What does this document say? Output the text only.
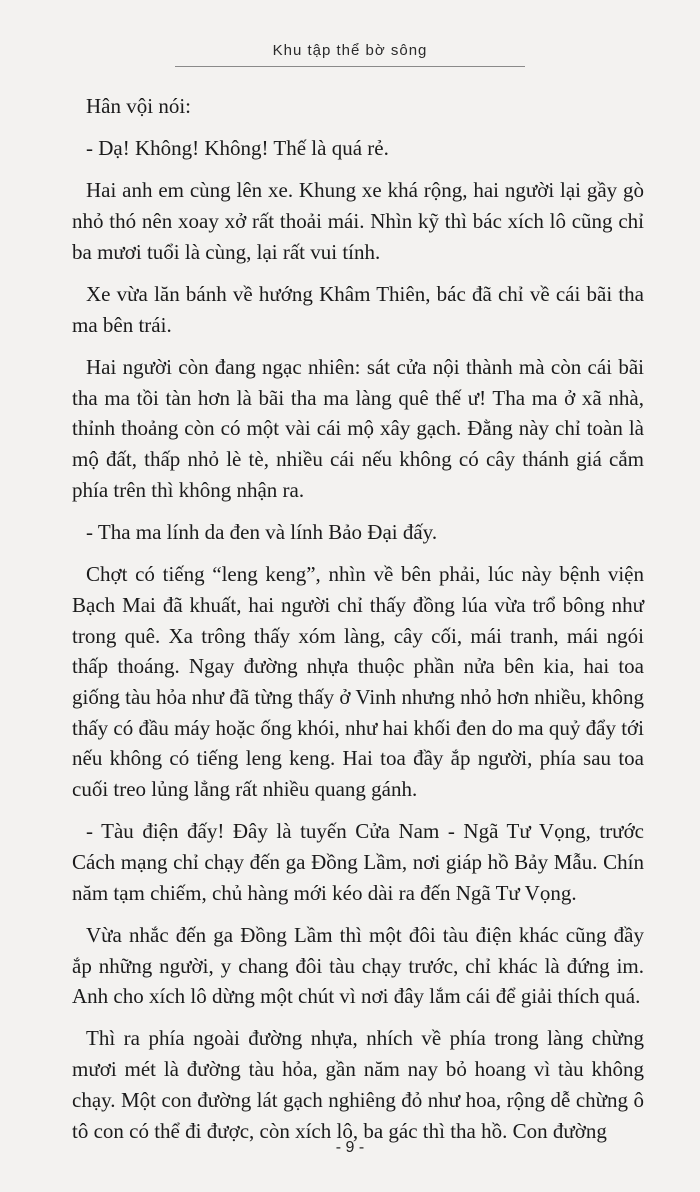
Khu tập thể bờ sông

Hân vội nói:

- Dạ! Không! Không! Thế là quá rẻ.

Hai anh em cùng lên xe. Khung xe khá rộng, hai người lại gầy gò nhỏ thó nên xoay xở rất thoải mái. Nhìn kỹ thì bác xích lô cũng chỉ ba mươi tuổi là cùng, lại rất vui tính.

Xe vừa lăn bánh về hướng Khâm Thiên, bác đã chỉ về cái bãi tha ma bên trái.

Hai người còn đang ngạc nhiên: sát cửa nội thành mà còn cái bãi tha ma tồi tàn hơn là bãi tha ma làng quê thế ư! Tha ma ở xã nhà, thỉnh thoảng còn có một vài cái mộ xây gạch. Đằng này chỉ toàn là mộ đất, thấp nhỏ lè tè, nhiều cái nếu không có cây thánh giá cắm phía trên thì không nhận ra.

- Tha ma lính da đen và lính Bảo Đại đấy.

Chợt có tiếng “leng keng”, nhìn về bên phải, lúc này bệnh viện Bạch Mai đã khuất, hai người chỉ thấy đồng lúa vừa trổ bông như trong quê. Xa trông thấy xóm làng, cây cối, mái tranh, mái ngói thấp thoáng. Ngay đường nhựa thuộc phần nửa bên kia, hai toa giống tàu hỏa như đã từng thấy ở Vinh nhưng nhỏ hơn nhiều, không thấy có đầu máy hoặc ống khói, như hai khối đen do ma quỷ đẩy tới nếu không có tiếng leng keng. Hai toa đầy ắp người, phía sau toa cuối treo lủng lẳng rất nhiều quang gánh.

- Tàu điện đấy! Đây là tuyến Cửa Nam - Ngã Tư Vọng, trước Cách mạng chỉ chạy đến ga Đồng Lầm, nơi giáp hồ Bảy Mẫu. Chín năm tạm chiếm, chủ hàng mới kéo dài ra đến Ngã Tư Vọng.

Vừa nhắc đến ga Đồng Lầm thì một đôi tàu điện khác cũng đầy ắp những người, y chang đôi tàu chạy trước, chỉ khác là đứng im. Anh cho xích lô dừng một chút vì nơi đây lắm cái để giải thích quá.

Thì ra phía ngoài đường nhựa, nhích về phía trong làng chừng mươi mét là đường tàu hỏa, gần năm nay bỏ hoang vì tàu không chạy. Một con đường lát gạch nghiêng đỏ như hoa, rộng dễ chừng ô tô con có thể đi được, còn xích lô, ba gác thì tha hồ. Con đường

- 9 -
